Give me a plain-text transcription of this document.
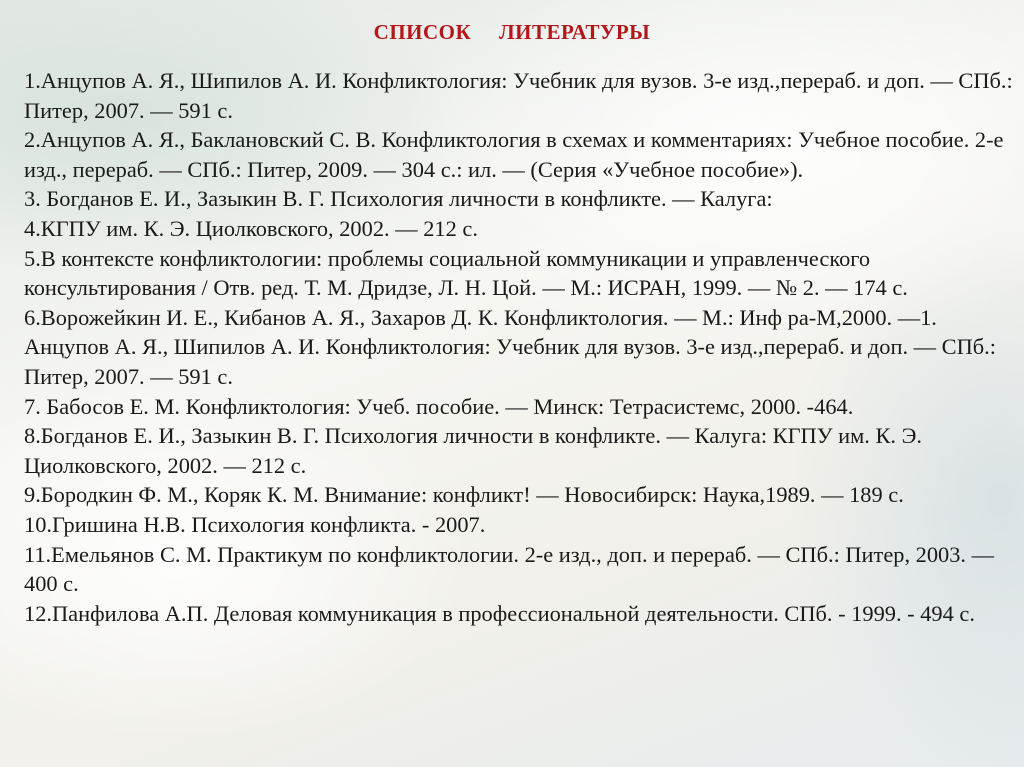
СПИСОК ЛИТЕРАТУРЫ

1.Анцупов А. Я., Шипилов А. И. Конфликтология: Учебник для вузов. 3-е изд.,перераб. и доп. — СПб.: Питер, 2007. — 591 с.

2.Анцупов А. Я., Баклановский С. В. Конфликтология в схемах и комментариях: Учебное пособие. 2-е изд., перераб. — СПб.: Питер, 2009. — 304 с.: ил. — (Серия «Учебное пособие»).

3. Богданов Е. И., Зазыкин В. Г. Психология личности в конфликте. — Калуга:

4.КГПУ им. К. Э. Циолковского, 2002. — 212 с.

5.В контексте конфликтологии: проблемы социальной коммуникации и управленческого консультирования / Отв. ред. Т. М. Дридзе, Л. Н. Цой. — М.: ИСРАН, 1999. — № 2. — 174 с.

6.Ворожейкин И. Е., Кибанов А. Я., Захаров Д. К. Конфликтология. — М.: Инф ра-М,2000. —1. Анцупов А. Я., Шипилов А. И. Конфликтология: Учебник для вузов. 3-е изд.,перераб. и доп. — СПб.: Питер, 2007. — 591 с.

7. Бабосов Е. М. Конфликтология: Учеб. пособие. — Минск: Тетрасистемс, 2000. -464.

8.Богданов Е. И., Зазыкин В. Г. Психология личности в конфликте. — Калуга: КГПУ им. К. Э. Циолковского, 2002. — 212 с.

9.Бородкин Ф. М., Коряк К. М. Внимание: конфликт! — Новосибирск: Наука,1989. — 189 с.

10.Гришина Н.В. Психология конфликта. - 2007.

11.Емельянов С. М. Практикум по конфликтологии. 2-е изд., доп. и перераб. — СПб.: Питер, 2003. — 400 с.

12.Панфилова А.П. Деловая коммуникация в профессиональной деятельности. СПб. - 1999. - 494 с.
